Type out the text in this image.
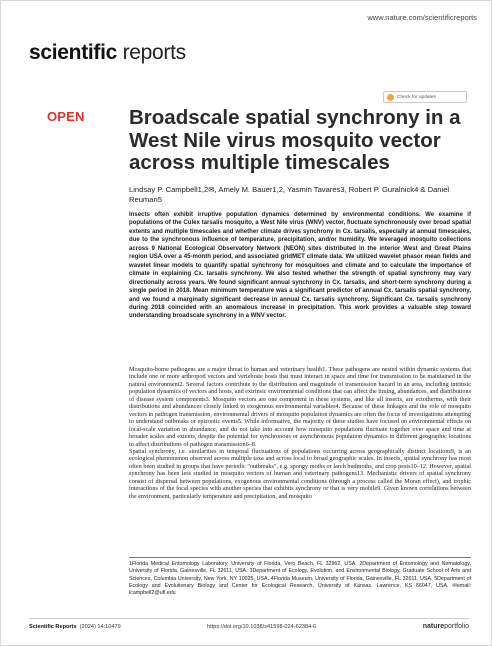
www.nature.com/scientificreports
scientific reports
Check for updates
OPEN Broadscale spatial synchrony in a West Nile virus mosquito vector across multiple timescales
Lindsay P. Campbell1,2✉, Amely M. Bauer1,2, Yasmin Tavares3, Robert P. Guralnick4 & Daniel Reuman5
Insects often exhibit irruptive population dynamics determined by environmental conditions. We examine if populations of the Culex tarsalis mosquito, a West Nile virus (WNV) vector, fluctuate synchronously over broad spatial extents and multiple timescales and whether climate drives synchrony in Cx. tarsalis, especially at annual timescales, due to the synchronous influence of temperature, precipitation, and/or humidity. We leveraged mosquito collections across 9 National Ecological Observatory Network (NEON) sites distributed in the interior West and Great Plains region USA over a 45-month period, and associated gridMET climate data. We utilized wavelet phasor mean fields and wavelet linear models to quantify spatial synchrony for mosquitoes and climate and to calculate the importance of climate in explaining Cx. tarsalis synchrony. We also tested whether the strength of spatial synchrony may vary directionally across years. We found significant annual synchrony in Cx. tarsalis, and short-term synchrony during a single period in 2018. Mean minimum temperature was a significant predictor of annual Cx. tarsalis spatial synchrony, and we found a marginally significant decrease in annual Cx. tarsalis synchrony. Significant Cx. tarsalis synchrony during 2018 coincided with an anomalous increase in precipitation. This work provides a valuable step toward understanding broadscale synchrony in a WNV vector.

Mosquito-borne pathogens are a major threat to human and veterinary health1. These pathogens are nested within dynamic systems that include one or more arthropod vectors and vertebrate hosts that must interact in space and time for transmission to be maintained in the natural environment2. Several factors contribute to the distribution and magnitude of transmission hazard in an area, including intrinsic population dynamics of vectors and hosts, and extrinsic environmental conditions that can affect the timing, abundances, and distributions of disease system components3. Mosquito vectors are one component in these systems, and like all insects, are ectotherms, with their distributions and abundances closely linked to exogenous environmental variables4. Because of these linkages and the role of mosquito vectors in pathogen transmission, environmental drivers of mosquito population dynamics are often the focus of investigations attempting to understand outbreaks or epizootic events5. While informative, the majority of these studies have focused on environmental effects on local-scale variation in abundance, and do not take into account how mosquito populations fluctuate together over space and time at broader scales and extents, despite the potential for synchronous or asynchronous population dynamics in different geographic locations to affect distributions of pathogen transmission6–8.

Spatial synchrony, i.e. similarities in temporal fluctuations of populations occurring across geographically distinct locations9, is an ecological phenomenon observed across multiple taxa and across local to broad geographic scales. In insects, spatial synchrony has most often been studied in groups that have periodic "outbreaks", e.g. spongy moths or larch budmoths, and crop pests10–12. However, spatial synchrony has been less studied in mosquito vectors of human and veterinary pathogens13. Mechanistic drivers of spatial synchrony consist of dispersal between populations, exogenous environmental conditions (through a process called the Moran effect), and trophic interactions of the focal species with another species that exhibits synchrony or that is very mobile9. Given known correlations between the environment, particularly temperature and precipitation, and mosquito

1Florida Medical Entomology Laboratory, University of Florida, Vero Beach, FL 32962, USA. 2Department of Entomology and Nematology, University of Florida, Gainesville, FL 32611, USA. 3Department of Ecology, Evolution, and Environmental Biology, Graduate School of Arts and Sciences, Columbia University, New York, NY 10025, USA. 4Florida Museum, University of Florida, Gainesville, FL 32611, USA. 5Department of Ecology and Evolutionary Biology and Center for Ecological Research, University of Kansas, Lawrence, KS 66047, USA. ✉email: lcampbell2@ufl.edu
Scientific Reports (2024) 14:10479	https://doi.org/10.1038/s41598-024-62384-6	natureportfolio
